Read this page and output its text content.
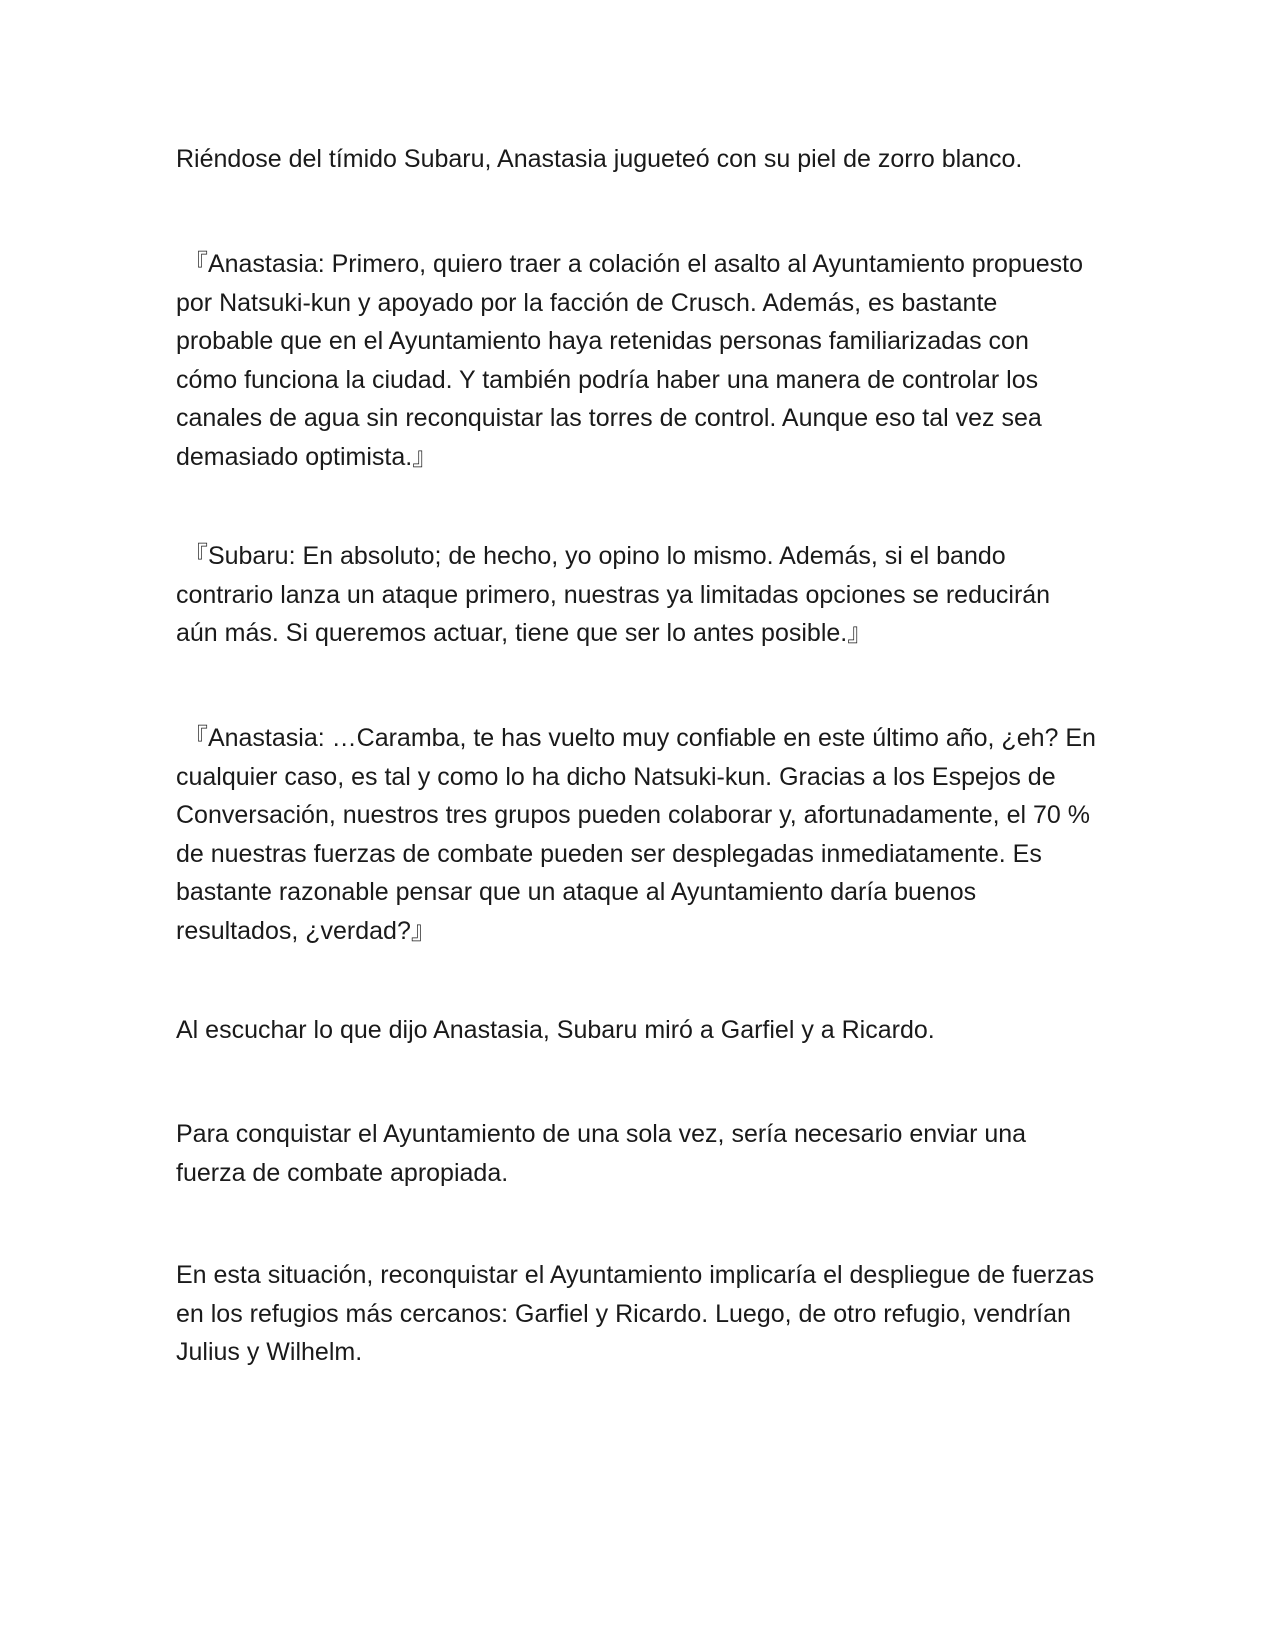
Riéndose del tímido Subaru, Anastasia jugueteó con su piel de zorro blanco.

『Anastasia: Primero, quiero traer a colación el asalto al Ayuntamiento propuesto por Natsuki-kun y apoyado por la facción de Crusch. Además, es bastante probable que en el Ayuntamiento haya retenidas personas familiarizadas con cómo funciona la ciudad. Y también podría haber una manera de controlar los canales de agua sin reconquistar las torres de control. Aunque eso tal vez sea demasiado optimista.』

『Subaru: En absoluto; de hecho, yo opino lo mismo. Además, si el bando contrario lanza un ataque primero, nuestras ya limitadas opciones se reducirán aún más. Si queremos actuar, tiene que ser lo antes posible.』

『Anastasia: …Caramba, te has vuelto muy confiable en este último año, ¿eh? En cualquier caso, es tal y como lo ha dicho Natsuki-kun. Gracias a los Espejos de Conversación, nuestros tres grupos pueden colaborar y, afortunadamente, el 70 % de nuestras fuerzas de combate pueden ser desplegadas inmediatamente. Es bastante razonable pensar que un ataque al Ayuntamiento daría buenos resultados, ¿verdad?』

Al escuchar lo que dijo Anastasia, Subaru miró a Garfiel y a Ricardo.

Para conquistar el Ayuntamiento de una sola vez, sería necesario enviar una fuerza de combate apropiada.

En esta situación, reconquistar el Ayuntamiento implicaría el despliegue de fuerzas en los refugios más cercanos: Garfiel y Ricardo. Luego, de otro refugio, vendrían Julius y Wilhelm.
